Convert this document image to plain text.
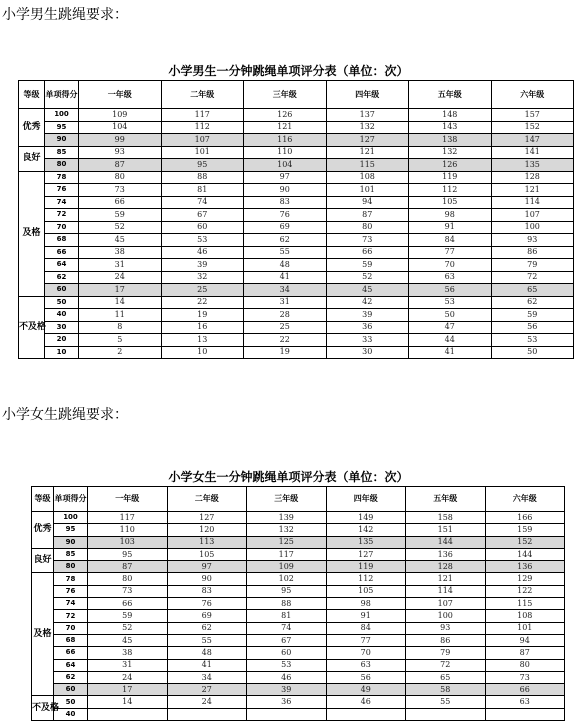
小学男生跳绳要求：
小学男生一分钟跳绳单项评分表（单位：次）
等级	单项得分	一年级	二年级	三年级	四年级	五年级	六年级
优秀	100	109	117	126	137	148	157
	95	104	112	121	132	143	152
	90	99	107	116	127	138	147
良好	85	93	101	110	121	132	141
	80	87	95	104	115	126	135
及格	78	80	88	97	108	119	128
	76	73	81	90	101	112	121
	74	66	74	83	94	105	114
	72	59	67	76	87	98	107
	70	52	60	69	80	91	100
	68	45	53	62	73	84	93
	66	38	46	55	66	77	86
	64	31	39	48	59	70	79
	62	24	32	41	52	63	72
	60	17	25	34	45	56	65
不及格	50	14	22	31	42	53	62
	40	11	19	28	39	50	59
	30	8	16	25	36	47	56
	20	5	13	22	33	44	53
	10	2	10	19	30	41	50
小学女生跳绳要求：
小学女生一分钟跳绳单项评分表（单位：次）
等级	单项得分	一年级	二年级	三年级	四年级	五年级	六年级
优秀	100	117	127	139	149	158	166
	95	110	120	132	142	151	159
	90	103	113	125	135	144	152
良好	85	95	105	117	127	136	144
	80	87	97	109	119	128	136
及格	78	80	90	102	112	121	129
	76	73	83	95	105	114	122
	74	66	76	88	98	107	115
	72	59	69	81	91	100	108
	70	52	62	74	84	93	101
	68	45	55	67	77	86	94
	66	38	48	60	70	79	87
	64	31	41	53	63	72	80
	62	24	34	46	56	65	73
	60	17	27	39	49	58	66
不及格	50	14	24	36	46	55	63
	40						
